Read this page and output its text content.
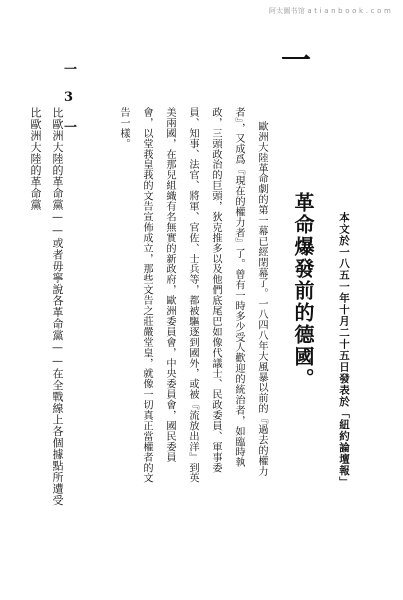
阿太圖书馆 a t i a n b o o k . c o m
一
革命爆發前的德國。 本文於一八五一年十月二十五日發表於「紐約論壇報」
歐洲大陸革命劇的第一幕已經閉幕了。一八四八年大風暴以前的『過去的權力
者』，又成爲『現在的權力者』了。曾有一時多少受人歡迎的統治者，如臨時執
政，三頭政治的巨頭，狄克推多以及他們底尾巴如像代議士、民政委員、軍事委
員、知事、法官、將軍、官佐、士兵等，都被驅逐到國外，或被『流放出洋』到英
美兩國，在那兒組織有名無實的新政府，歐洲委員會，中央委員會，國民委員
會，以堂莪皇莪的文告宣佈成立，那些文告之莊嚴堂皇，就像一切真正當權者的文
告一樣。
一 3 一
比歐洲大陸的革命黨——或者毋寧說各革命黨——在全戰線上各個據點所遭受
比歐洲大陸的革命黨
